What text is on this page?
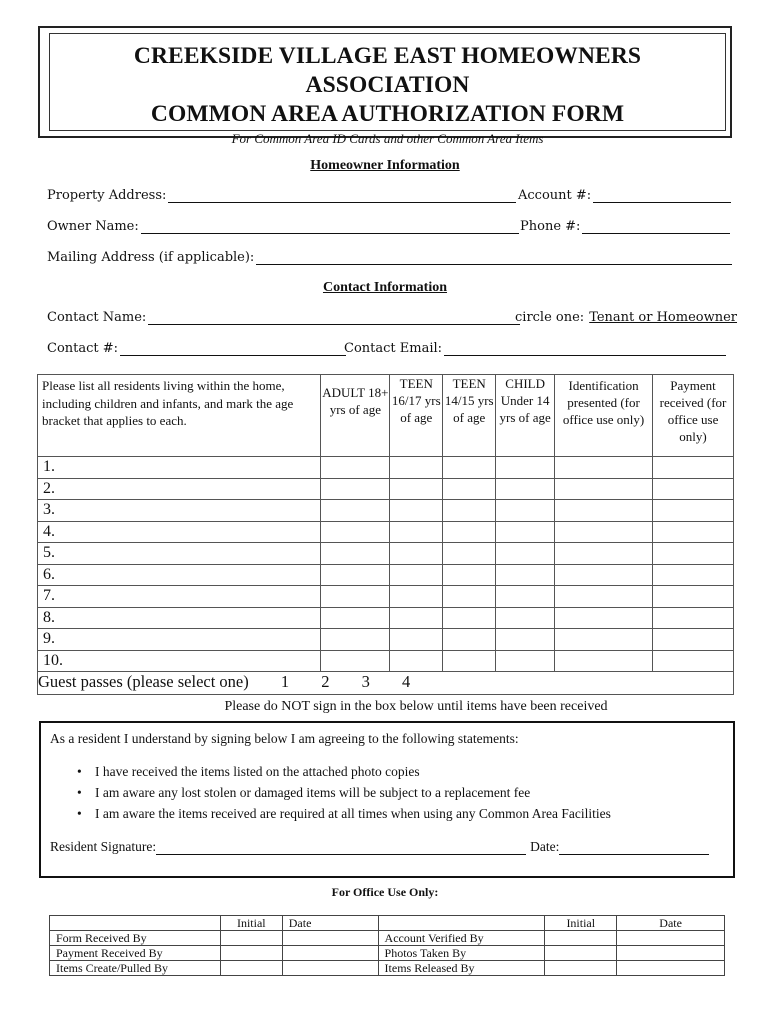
CREEKSIDE VILLAGE EAST HOMEOWNERS ASSOCIATION
COMMON AREA AUTHORIZATION FORM
For Common Area ID Cards and other Common Area Items
Homeowner Information
Property Address:	Account #:
Owner Name:	Phone #:
Mailing Address (if applicable):
Contact Information
Contact Name:	circle one: Tenant or Homeowner
Contact #:	Contact Email:
Please list all residents living within the home, including children and infants, and mark the age bracket that applies to each.	ADULT 18+ yrs of age	TEEN 16/17 yrs of age	TEEN 14/15 yrs of age	CHILD Under 14 yrs of age	Identification presented (for office use only)	Payment received (for office use only)
1.						
2.						
3.						
4.						
5.						
6.						
7.						
8.						
9.						
10.						
Guest passes (please select one) 1 2 3 4						
Please do NOT sign in the box below until items have been received
As a resident I understand by signing below I am agreeing to the following statements:
• I have received the items listed on the attached photo copies
• I am aware any lost stolen or damaged items will be subject to a replacement fee
• I am aware the items received are required at all times when using any Common Area Facilities
Resident Signature:	Date:
For Office Use Only:
	Initial	Date		Initial	Date
Form Received By			Account Verified By		
Payment Received By			Photos Taken By		
Items Create/Pulled By			Items Released By		
